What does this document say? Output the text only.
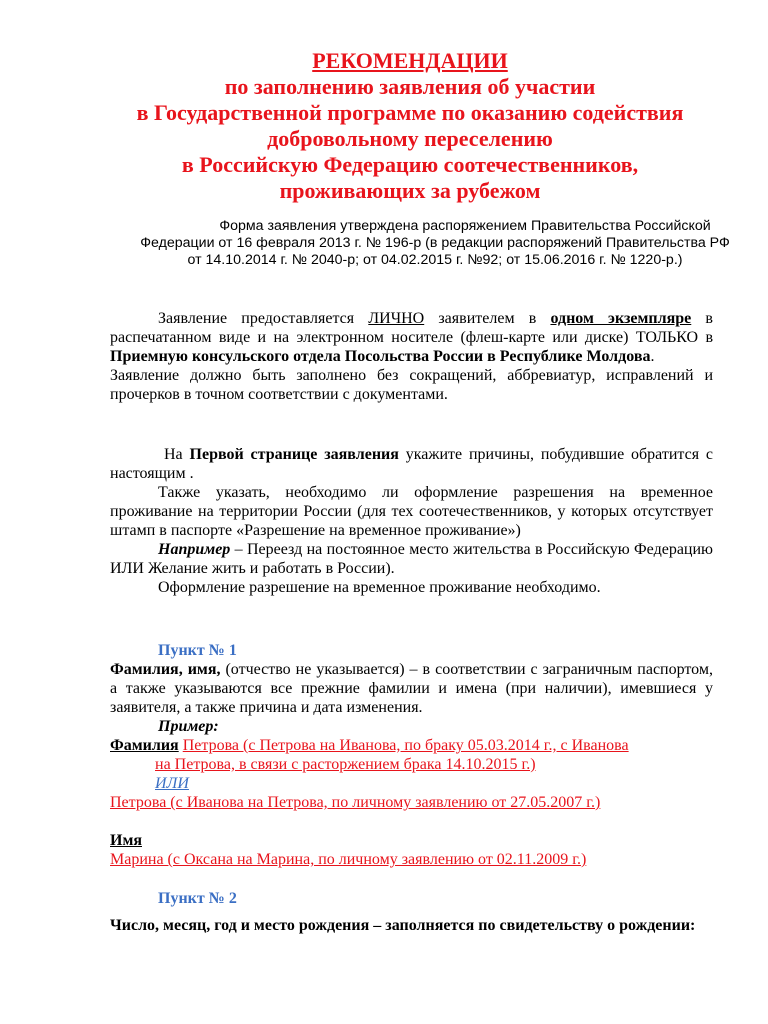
РЕКОМЕНДАЦИИ
по заполнению заявления об участии
в Государственной программе по оказанию содействия
добровольному переселению
в Российскую Федерацию соотечественников,
проживающих за рубежом
Форма заявления утверждена распоряжением Правительства Российской
Федерации от 16 февраля 2013 г. № 196-р (в редакции распоряжений Правительства РФ
от 14.10.2014 г. № 2040-р; от 04.02.2015 г. №92; от 15.06.2016 г. № 1220-р.)

Заявление предоставляется ЛИЧНО заявителем в одном экземпляре в распечатанном виде и на электронном носителе (флеш-карте или диске) ТОЛЬКО в Приемную консульского отдела Посольства России в Республике Молдова.

Заявление должно быть заполнено без сокращений, аббревиатур, исправлений и прочерков в точном соответствии с документами.

На Первой странице заявления укажите причины, побудившие обратится с настоящим .

Также указать, необходимо ли оформление разрешения на временное проживание на территории России (для тех соотечественников, у которых отсутствует штамп в паспорте «Разрешение на временное проживание»)

Например – Переезд на постоянное место жительства в Российскую Федерацию ИЛИ Желание жить и работать в России).

Оформление разрешение на временное проживание необходимо.

Пункт № 1

Фамилия, имя, (отчество не указывается) – в соответствии с заграничным паспортом, а также указываются все прежние фамилии и имена (при наличии), имевшиеся у заявителя, а также причина и дата изменения.

Пример:

Фамилия Петрова (с Петрова на Иванова, по браку 05.03.2014 г., с Иванова

на Петрова, в связи с расторжением брака 14.10.2015 г.)

ИЛИ

Петрова (с Иванова на Петрова, по личному заявлению от 27.05.2007 г.)

Имя

Марина (с Оксана на Марина, по личному заявлению от 02.11.2009 г.)

Пункт № 2

Число, месяц, год и место рождения – заполняется по свидетельству о рождении:
